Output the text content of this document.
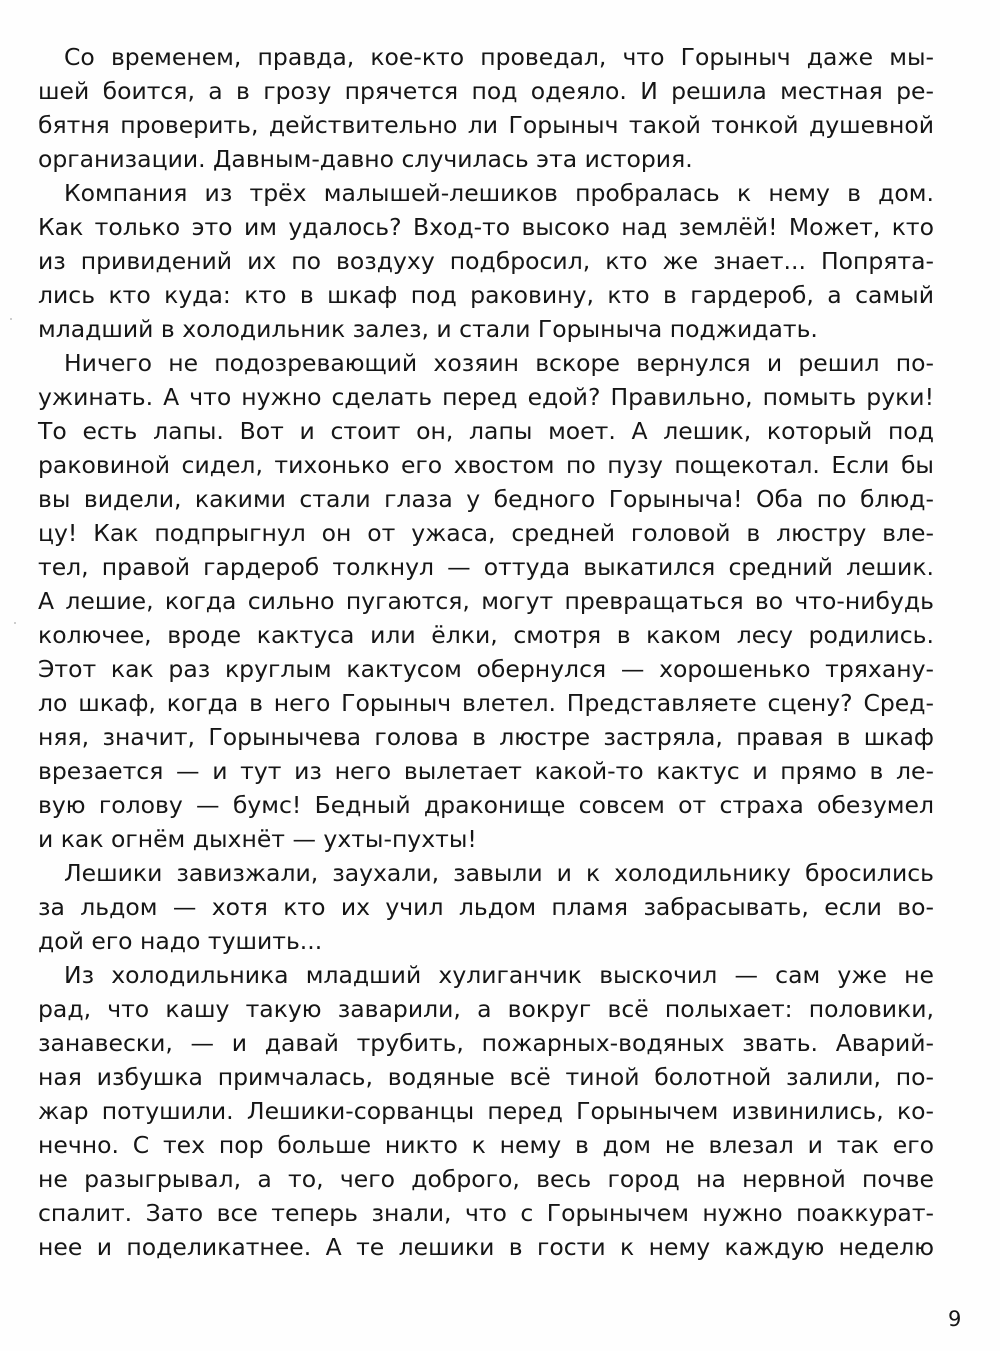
Со временем, правда, кое-кто проведал, что Горыныч даже мы-
шей боится, а в грозу прячется под одеяло. И решила местная ре-
бятня проверить, действительно ли Горыныч такой тонкой душевной
организации. Давным-давно случилась эта история.
Компания из трёх малышей-лешиков пробралась к нему в дом.
Как только это им удалось? Вход-то высоко над землёй! Может, кто
из привидений их по воздуху подбросил, кто же знает... Попрята-
лись кто куда: кто в шкаф под раковину, кто в гардероб, а самый
младший в холодильник залез, и стали Горыныча поджидать.
Ничего не подозревающий хозяин вскоре вернулся и решил по-
ужинать. А что нужно сделать перед едой? Правильно, помыть руки!
То есть лапы. Вот и стоит он, лапы моет. А лешик, который под
раковиной сидел, тихонько его хвостом по пузу пощекотал. Если бы
вы видели, какими стали глаза у бедного Горыныча! Оба по блюд-
цу! Как подпрыгнул он от ужаса, средней головой в люстру вле-
тел, правой гардероб толкнул — оттуда выкатился средний лешик.
А лешие, когда сильно пугаются, могут превращаться во что-нибудь
колючее, вроде кактуса или ёлки, смотря в каком лесу родились.
Этот как раз круглым кактусом обернулся — хорошенько тряхану-
ло шкаф, когда в него Горыныч влетел. Представляете сцену? Сред-
няя, значит, Горынычева голова в люстре застряла, правая в шкаф
врезается — и тут из него вылетает какой-то кактус и прямо в ле-
вую голову — бумс! Бедный драконище совсем от страха обезумел
и как огнём дыхнёт — ухты-пухты!
Лешики завизжали, заухали, завыли и к холодильнику бросились
за льдом — хотя кто их учил льдом пламя забрасывать, если во-
дой его надо тушить...
Из холодильника младший хулиганчик выскочил — сам уже не
рад, что кашу такую заварили, а вокруг всё полыхает: половики,
занавески, — и давай трубить, пожарных-водяных звать. Аварий-
ная избушка примчалась, водяные всё тиной болотной залили, по-
жар потушили. Лешики-сорванцы перед Горынычем извинились, ко-
нечно. С тех пор больше никто к нему в дом не влезал и так его
не разыгрывал, а то, чего доброго, весь город на нервной почве
спалит. Зато все теперь знали, что с Горынычем нужно поаккурат-
нее и поделикатнее. А те лешики в гости к нему каждую неделю
9
